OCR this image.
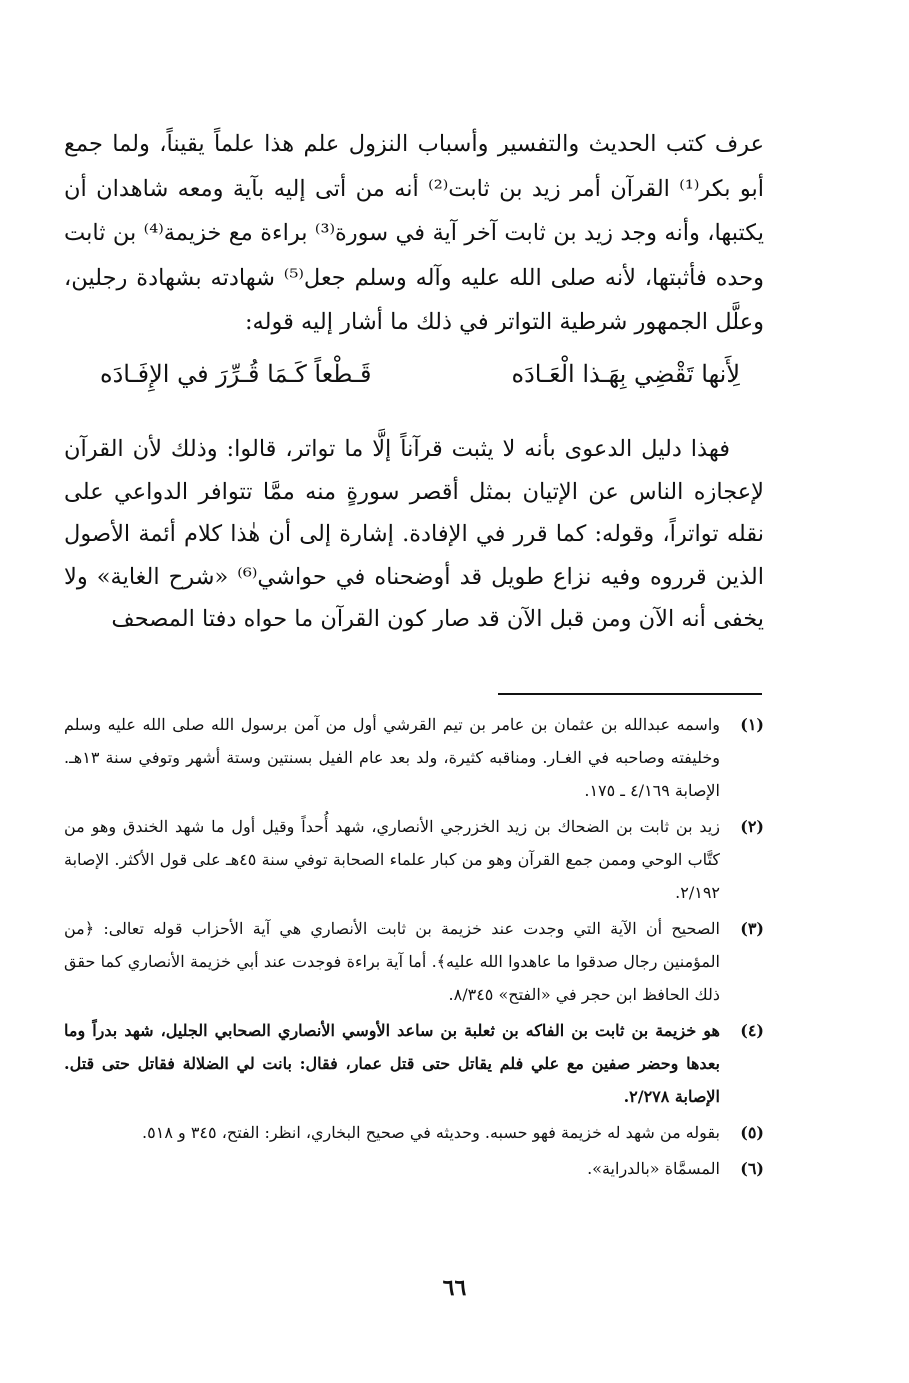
عرف كتب الحديث والتفسير وأسباب النزول علم هذا علماً يقيناً، ولما جمع أبو بكر⁽¹⁾ القرآن أمر زيد بن ثابت⁽²⁾ أنه من أتى إليه بآية ومعه شاهدان أن يكتبها، وأنه وجد زيد بن ثابت آخر آية في سورة⁽³⁾ براءة مع خزيمة⁽⁴⁾ بن ثابت وحده فأثبتها، لأنه صلى الله عليه وآله وسلم جعل⁽⁵⁾ شهادته بشهادة رجلين، وعلَّل الجمهور شرطية التواتر في ذلك ما أشار إليه قوله:

لِأَنها تَقْضِي بِهَـذا الْعَـادَه
قَـطْعاً كَـمَا قُـرِّرَ في الإِفَـادَه

فهذا دليل الدعوى بأنه لا يثبت قرآناً إلَّا ما تواتر، قالوا: وذلك لأن القرآن لإعجازه الناس عن الإتيان بمثل أقصر سورةٍ منه ممَّا تتوافر الدواعي على نقله تواتراً، وقوله: كما قرر في الإفادة. إشارة إلى أن هٰذا كلام أئمة الأصول الذين قرروه وفيه نزاع طويل قد أوضحناه في حواشي⁽⁶⁾ «شرح الغاية» ولا يخفى أنه الآن ومن قبل الآن قد صار كون القرآن ما حواه دفتا المصحف

(١)
واسمه عبدالله بن عثمان بن عامر بن تيم القرشي أول من آمن برسول الله صلى الله عليه وسلم وخليفته وصاحبه في الغـار. ومناقبه كثيرة، ولد بعد عام الفيل بسنتين وستة أشهر وتوفي سنة ١٣هـ. الإصابة ٤/١٦٩ ـ ١٧٥.
(٢)
زيد بن ثابت بن الضحاك بن زيد الخزرجي الأنصاري، شهد أُحداً وقيل أول ما شهد الخندق وهو من كتَّاب الوحي وممن جمع القرآن وهو من كبار علماء الصحابة توفي سنة ٤٥هـ على قول الأكثر. الإصابة ٢/١٩٢.
(٣)
الصحيح أن الآية التي وجدت عند خزيمة بن ثابت الأنصاري هي آية الأحزاب قوله تعالى: ﴿من المؤمنين رجال صدقوا ما عاهدوا الله عليه﴾. أما آية براءة فوجدت عند أبي خزيمة الأنصاري كما حقق ذلك الحافظ ابن حجر في «الفتح» ٨/٣٤٥.
(٤)
هو خزيمة بن ثابت بن الفاكه بن ثعلبة بن ساعد الأوسي الأنصاري الصحابي الجليل، شهد بدراً وما بعدها وحضر صفين مع علي فلم يقاتل حتى قتل عمار، فقال: بانت لي الضلالة فقاتل حتى قتل. الإصابة ٢/٢٧٨.
(٥)
بقوله من شهد له خزيمة فهو حسبه. وحديثه في صحيح البخاري، انظر: الفتح، ٣٤٥ و ٥١٨.
(٦)
المسمَّاة «بالدراية».
٦٦
